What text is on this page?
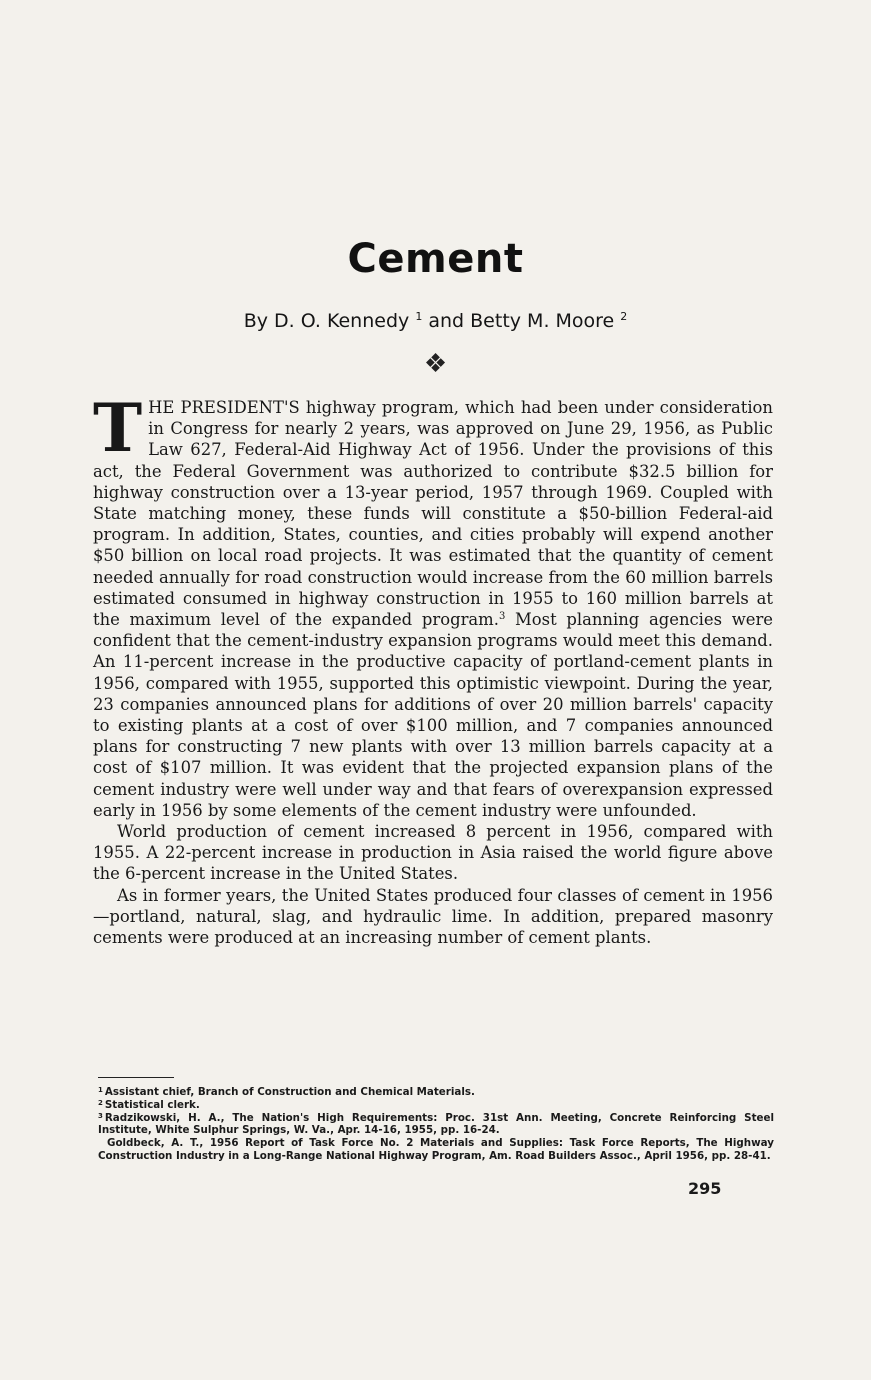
Cement
By D. O. Kennedy $^1$ and Betty M. Moore $^2$
❖

THE PRESIDENT'S highway program, which had been under consideration in Congress for nearly 2 years, was approved on June 29, 1956, as Public Law 627, Federal-Aid Highway Act of 1956. Under the provisions of this act, the Federal Government was authorized to contribute $32.5 billion for highway construction over a 13-year period, 1957 through 1969. Coupled with State matching money, these funds will constitute a $50-billion Federal-aid program. In addition, States, counties, and cities probably will expend another $50 billion on local road projects. It was estimated that the quantity of cement needed annually for road construction would increase from the 60 million barrels estimated consumed in highway construction in 1955 to 160 million barrels at the maximum level of the expanded program.$^3$ Most planning agencies were confident that the cement-industry expansion programs would meet this demand. An 11-percent increase in the productive capacity of portland-cement plants in 1956, compared with 1955, supported this optimistic viewpoint. During the year, 23 companies announced plans for additions of over 20 million barrels' capacity to existing plants at a cost of over $100 million, and 7 companies announced plans for constructing 7 new plants with over 13 million barrels capacity at a cost of $107 million. It was evident that the projected expansion plans of the cement industry were well under way and that fears of overexpansion expressed early in 1956 by some elements of the cement industry were unfounded.

World production of cement increased 8 percent in 1956, compared with 1955. A 22-percent increase in production in Asia raised the world figure above the 6-percent increase in the United States.

As in former years, the United States produced four classes of cement in 1956—portland, natural, slag, and hydraulic lime. In addition, prepared masonry cements were produced at an increasing number of cement plants.

$^1$ Assistant chief, Branch of Construction and Chemical Materials.

$^2$ Statistical clerk.

$^3$ Radzikowski, H. A., The Nation's High Requirements: Proc. 31st Ann. Meeting, Concrete Reinforcing Steel Institute, White Sulphur Springs, W. Va., Apr. 14-16, 1955, pp. 16-24.

Goldbeck, A. T., 1956 Report of Task Force No. 2 Materials and Supplies: Task Force Reports, The Highway Construction Industry in a Long-Range National Highway Program, Am. Road Builders Assoc., April 1956, pp. 28-41.

295
